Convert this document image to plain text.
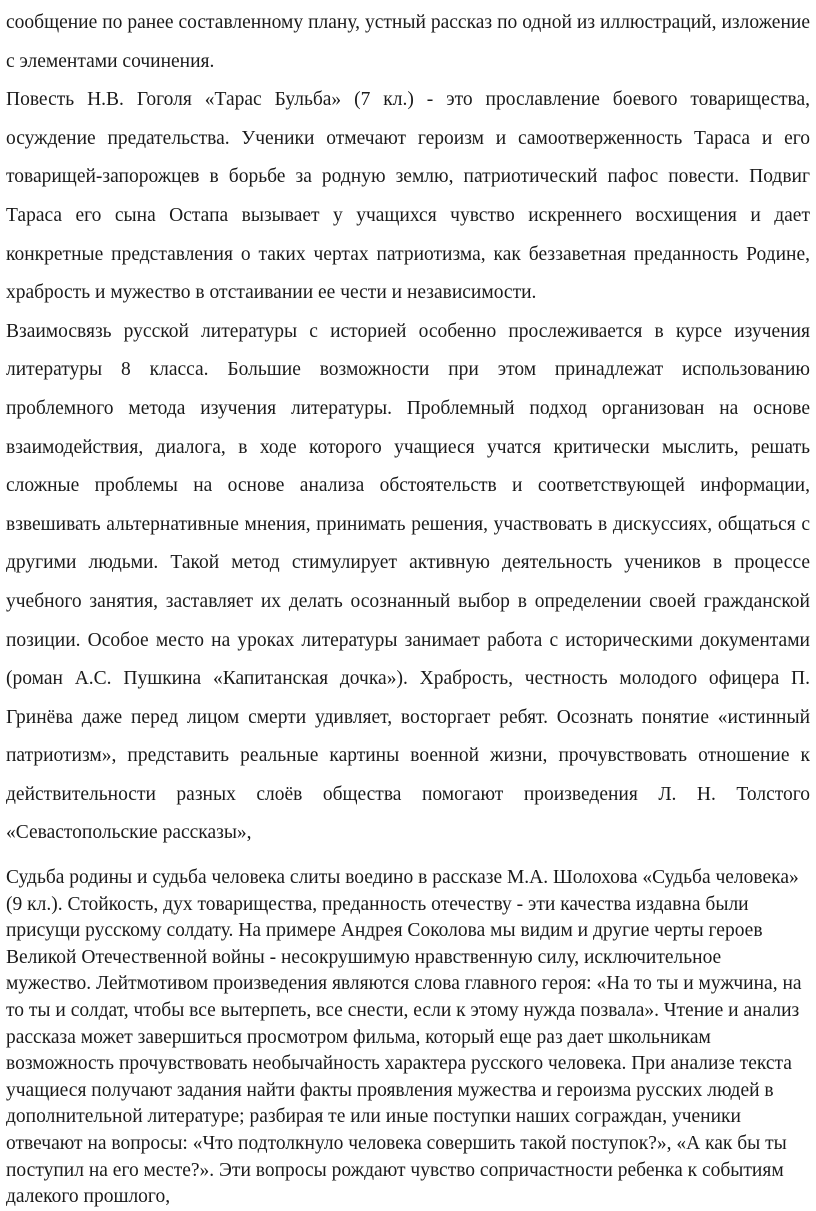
сообщение по ранее составленному плану, устный рассказ по одной из иллюстраций, изложение с элементами сочинения.

Повесть Н.В. Гоголя «Тарас Бульба» (7 кл.) - это прославление боевого товарищества, осуждение предательства. Ученики отмечают героизм и самоотверженность Тараса и его товарищей-запорожцев в борьбе за родную землю, патриотический пафос повести. Подвиг Тараса его сына Остапа вызывает у учащихся чувство искреннего восхищения и дает конкретные представления о таких чертах патриотизма, как беззаветная преданность Родине, храбрость и мужество в отстаивании ее чести и независимости.

Взаимосвязь русской литературы с историей особенно прослеживается в курсе изучения литературы 8 класса. Большие возможности при этом принадлежат использованию проблемного метода изучения литературы. Проблемный подход организован на основе взаимодействия, диалога, в ходе которого учащиеся учатся критически мыслить, решать сложные проблемы на основе анализа обстоятельств и соответствующей информации, взвешивать альтернативные мнения, принимать решения, участвовать в дискуссиях, общаться с другими людьми. Такой метод стимулирует активную деятельность учеников в процессе учебного занятия, заставляет их делать осознанный выбор в определении своей гражданской позиции. Особое место на уроках литературы занимает работа с историческими документами (роман А.С. Пушкина «Капитанская дочка»). Храбрость, честность молодого офицера П. Гринёва даже перед лицом смерти удивляет, восторгает ребят. Осознать понятие «истинный патриотизм», представить реальные картины военной жизни, прочувствовать отношение к действительности разных слоёв общества помогают произведения Л. Н. Толстого «Севастопольские рассказы»,

Судьба родины и судьба человека слиты воедино в рассказе М.А. Шолохова «Судьба человека» (9 кл.). Стойкость, дух товарищества, преданность отечеству - эти качества издавна были присущи русскому солдату. На примере Андрея Соколова мы видим и другие черты героев Великой Отечественной войны - несокрушимую нравственную силу, исключительное мужество. Лейтмотивом произведения являются слова главного героя: «На то ты и мужчина, на то ты и солдат, чтобы все вытерпеть, все снести, если к этому нужда позвала». Чтение и анализ рассказа может завершиться просмотром фильма, который еще раз дает школьникам возможность прочувствовать необычайность характера русского человека. При анализе текста учащиеся получают задания найти факты проявления мужества и героизма русских людей в дополнительной литературе; разбирая те или иные поступки наших сограждан, ученики отвечают на вопросы: «Что подтолкнуло человека совершить такой поступок?», «А как бы ты поступил на его месте?». Эти вопросы рождают чувство сопричастности ребенка к событиям далекого прошлого,
